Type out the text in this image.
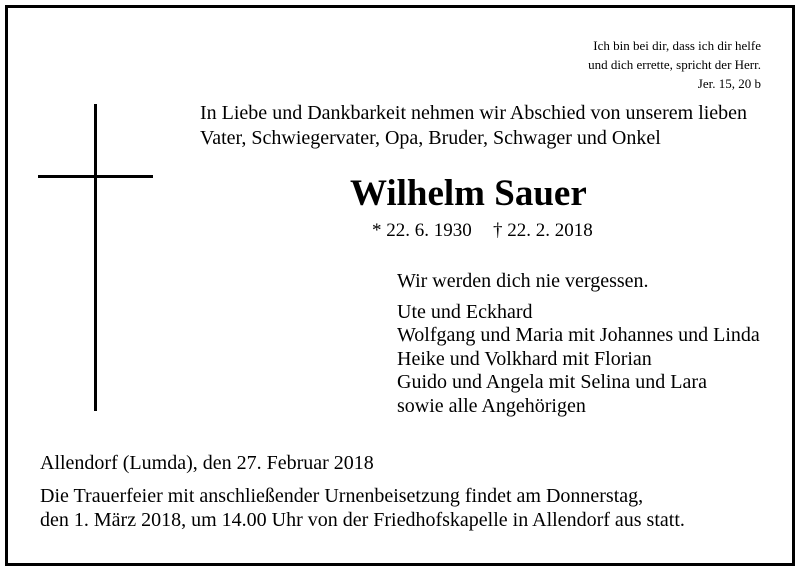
Ich bin bei dir, dass ich dir helfe
und dich errette, spricht der Herr.
Jer. 15, 20 b
In Liebe und Dankbarkeit nehmen wir Abschied von unserem lieben
Vater, Schwiegervater, Opa, Bruder, Schwager und Onkel
Wilhelm Sauer
* 22. 6. 1930 † 22. 2. 2018
Wir werden dich nie vergessen.
Ute und Eckhard
Wolfgang und Maria mit Johannes und Linda
Heike und Volkhard mit Florian
Guido und Angela mit Selina und Lara
sowie alle Angehörigen
Allendorf (Lumda), den 27. Februar 2018
Die Trauerfeier mit anschließender Urnenbeisetzung findet am Donnerstag,
den 1. März 2018, um 14.00 Uhr von der Friedhofskapelle in Allendorf aus statt.
